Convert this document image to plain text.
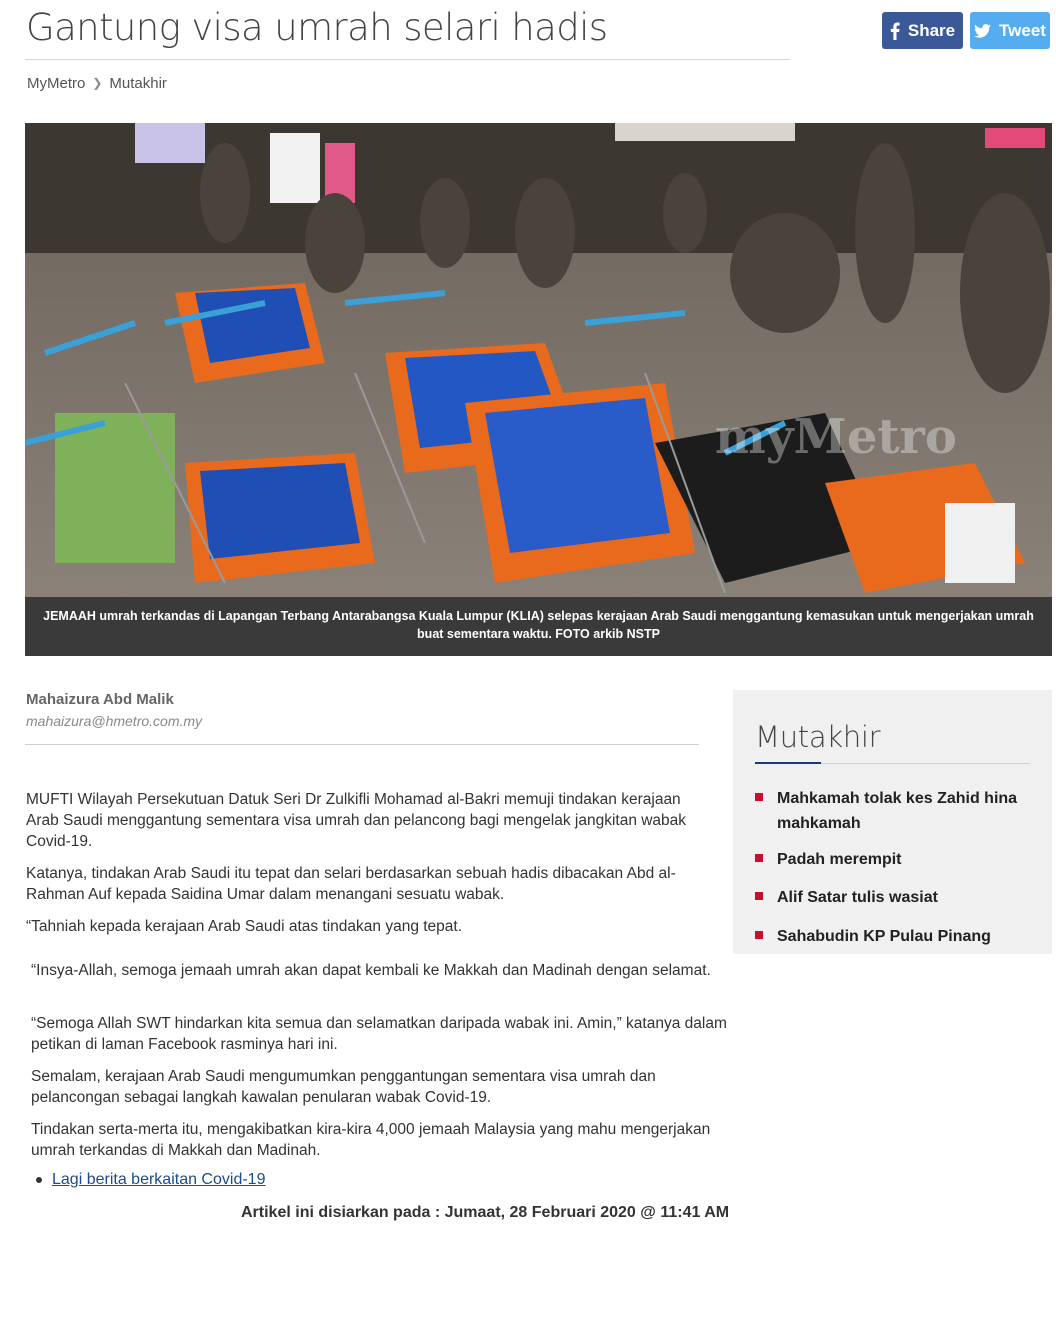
Gantung visa umrah selari hadis	Share	Tweet
MyMetro ❯ Mutakhir
myMetro
JEMAAH umrah terkandas di Lapangan Terbang Antarabangsa Kuala Lumpur (KLIA) selepas kerajaan Arab Saudi menggantung kemasukan untuk mengerjakan umrah buat sementara waktu. FOTO arkib NSTP
Mahaizura Abd Malik
mahaizura@hmetro.com.my

MUFTI Wilayah Persekutuan Datuk Seri Dr Zulkifli Mohamad al-Bakri memuji tindakan kerajaan Arab Saudi menggantung sementara visa umrah dan pelancong bagi mengelak jangkitan wabak Covid-19.

Katanya, tindakan Arab Saudi itu tepat dan selari berdasarkan sebuah hadis dibacakan Abd al-Rahman Auf kepada Saidina Umar dalam menangani sesuatu wabak.

“Tahniah kepada kerajaan Arab Saudi atas tindakan yang tepat.

“Insya-Allah, semoga jemaah umrah akan dapat kembali ke Makkah dan Madinah dengan selamat.

“Semoga Allah SWT hindarkan kita semua dan selamatkan daripada wabak ini. Amin,” katanya dalam petikan di laman Facebook rasminya hari ini.

Semalam, kerajaan Arab Saudi mengumumkan penggantungan sementara visa umrah dan pelancongan sebagai langkah kawalan penularan wabak Covid-19.

Tindakan serta-merta itu, mengakibatkan kira-kira 4,000 jemaah Malaysia yang mahu mengerjakan umrah terkandas di Makkah dan Madinah.

Lagi berita berkaitan Covid-19
Artikel ini disiarkan pada : Jumaat, 28 Februari 2020 @ 11:41 AM
Mutakhir
Mahkamah tolak kes Zahid hina mahkamah
Padah merempit
Alif Satar tulis wasiat
Sahabudin KP Pulau Pinang
